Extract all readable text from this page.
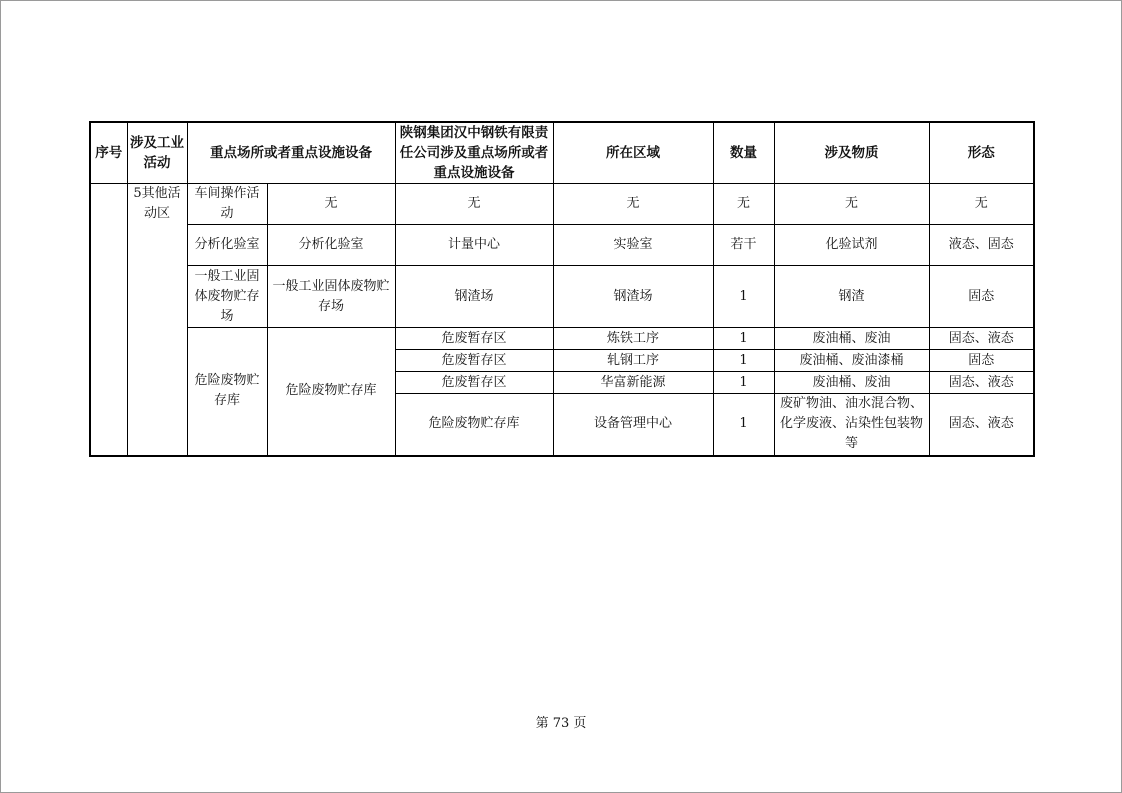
序号	涉及工业活动	重点场所或者重点设施设备		陕钢集团汉中钢铁有限责任公司涉及重点场所或者重点设施设备	所在区域	数量	涉及物质	形态
	5其他活动区	车间操作活动	无	无	无	无	无	无
		分析化验室	分析化验室	计量中心	实验室	若干	化验试剂	液态、固态
		一般工业固体废物贮存场	一般工业固体废物贮存场	钢渣场	钢渣场	1	钢渣	固态
		危险废物贮存库	危险废物贮存库	危废暂存区	炼铁工序	1	废油桶、废油	固态、液态
				危废暂存区	轧钢工序	1	废油桶、废油漆桶	固态
				危废暂存区	华富新能源	1	废油桶、废油	固态、液态
				危险废物贮存库	设备管理中心	1	废矿物油、油水混合物、化学废液、沾染性包装物等	固态、液态
第 73 页
